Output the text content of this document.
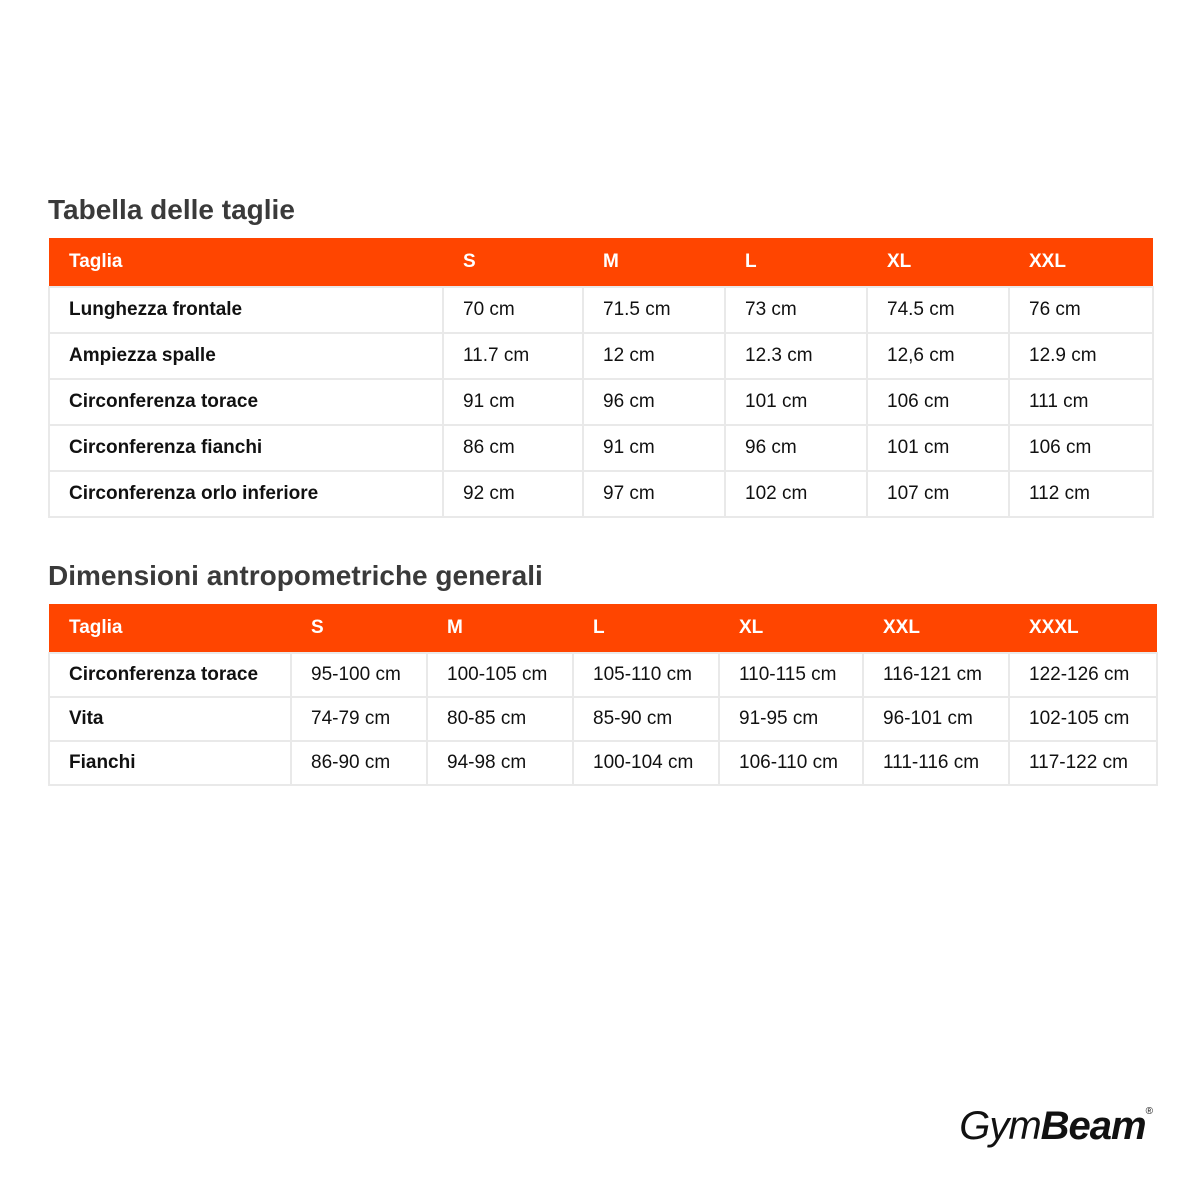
Tabella delle taglie
Taglia	S	M	L	XL	XXL
Lunghezza frontale	70 cm	71.5 cm	73 cm	74.5 cm	76 cm
Ampiezza spalle	11.7 cm	12 cm	12.3 cm	12,6 cm	12.9 cm
Circonferenza torace	91 cm	96 cm	101 cm	106 cm	111 cm
Circonferenza fianchi	86 cm	91 cm	96 cm	101 cm	106 cm
Circonferenza orlo inferiore	92 cm	97 cm	102 cm	107 cm	112 cm
Dimensioni antropometriche generali
Taglia	S	M	L	XL	XXL	XXXL
Circonferenza torace	95-100 cm	100-105 cm	105-110 cm	110-115 cm	116-121 cm	122-126 cm
Vita	74-79 cm	80-85 cm	85-90 cm	91-95 cm	96-101 cm	102-105 cm
Fianchi	86-90 cm	94-98 cm	100-104 cm	106-110 cm	111-116 cm	117-122 cm
GymBeam®
